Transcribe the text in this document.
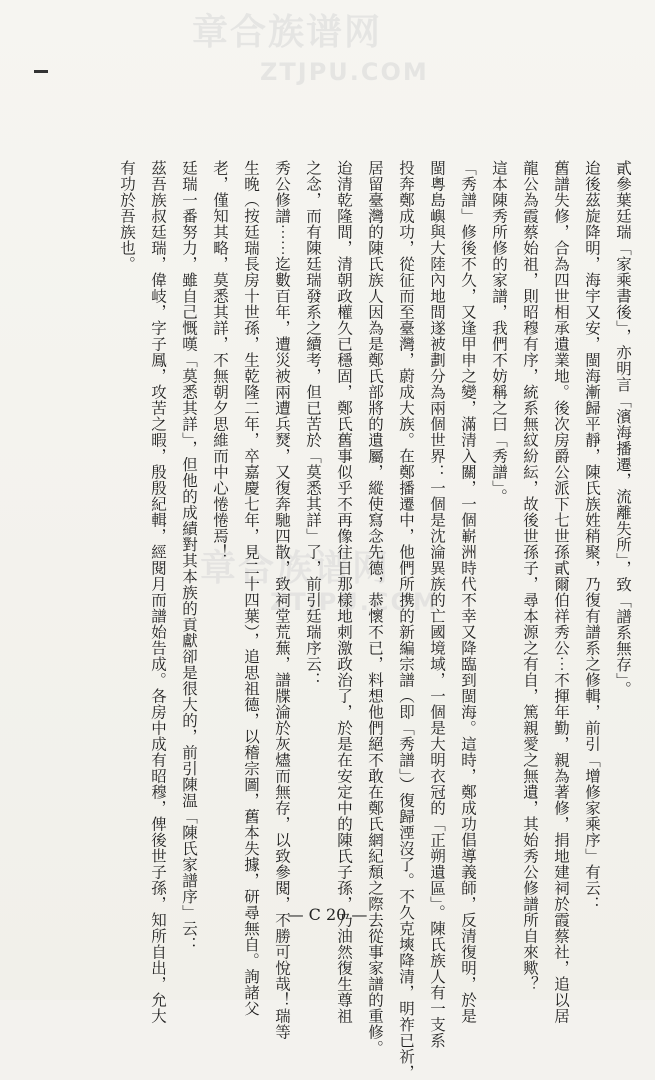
章合族谱网
ZTJPU.COM
章合族谱网
ZTJPU.COM	貳參葉廷瑞「家乘書後」，亦明言「濱海播遷，流離失所」，致「譜系無存」。
迨後茲旋降明，海宇又安，閩海漸歸平靜，陳氏族姓稍聚，乃復有譜系之修輯，前引「增修家乘序」有云：
舊譜失修，合為四世相承遺業地。後次房爵公派下七世孫貳爾伯祥秀公⋯不揮年勤，親為著修，捐地建祠於霞蔡社，追以居
龍公為霞蔡始祖，則昭穆有序，統系無紋紛紜，故後世孫子，尋本源之有自，篤親愛之無遺，其始秀公修譜所自來歟？
這本陳秀所修的家譜，我們不妨稱之曰「秀譜」。
「秀譜」修後不久，又逢甲申之變，滿清入關，一個嶄洲時代不幸又降臨到閩海。這時，鄭成功倡導義師，反清復明，於是
閩粵島嶼與大陸內地間遂被劃分為兩個世界：一個是沈淪異族的亡國境域，一個是大明衣冠的「正朔遺區」。陳氏族人有一支系
投奔鄭成功，從征而至臺灣，蔚成大族。在鄭播遷中，他們所携的新編宗譜（即「秀譜」）復歸湮沒了。不久克塽降清，明祚已祈，
居留臺灣的陳氏族人因為是鄭氏部將的遺屬，縱使寫念先德，恭懷不已，料想他們絕不敢在鄭氏網紀頹之際去從事家譜的重修。
迨清乾隆間，清朝政權久已穩固，鄭氏舊事似乎不再像往日那樣地刺激政治了，於是在安定中的陳氏子孫，乃油然復生尊祖
之念，而有陳廷瑞發系之續考，但已苦於「莫悉其詳」了，前引廷瑞序云：
秀公修譜⋯⋯迄數百年，遭災被兩遭兵燹，又復奔馳四散，致祠堂荒蕪，譜牒淪於灰燼而無存，以致參閱，不勝可悅哉！瑞等
生晚（按廷瑞長房十世孫，生乾隆二年，卒嘉慶七年，見二十四葉），追思祖德，以稽宗圖，舊本失據，研尋無自。詢諸父
老，僅知其略，莫悉其詳，不無朝夕思維而中心惓惓焉！
廷瑞一番努力，雖自己慨嘆「莫悉其詳」，但他的成績對其本族的貢獻卻是很大的，前引陳温「陳氏家譜序」云：
茲吾族叔廷瑞，偉岐，字子鳳，攻苦之暇，殷殷紀輯，經閱月而譜始告成。各房中成有昭穆，俾後世子孫，知所自出，允大
有功於吾族也。
— C 20 —
